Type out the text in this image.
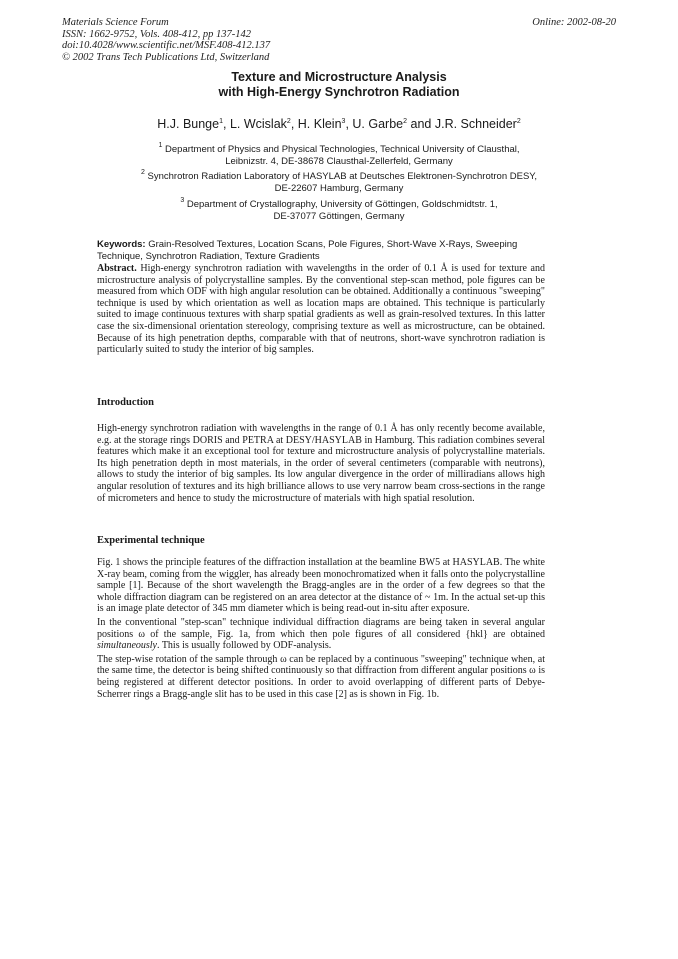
Materials Science Forum
ISSN: 1662-9752, Vols. 408-412, pp 137-142
doi:10.4028/www.scientific.net/MSF.408-412.137
© 2002 Trans Tech Publications Ltd, Switzerland
Online: 2002-08-20
Texture and Microstructure Analysis
with High-Energy Synchrotron Radiation
H.J. Bunge$^1$, L. Wcislak$^2$, H. Klein$^3$, U. Garbe$^2$ and J.R. Schneider$^2$
$^1$ Department of Physics and Physical Technologies, Technical University of Clausthal,
Leibnizstr. 4, DE-38678 Clausthal-Zellerfeld, Germany
$^2$ Synchrotron Radiation Laboratory of HASYLAB at Deutsches Elektronen-Synchrotron DESY,
DE-22607 Hamburg, Germany
$^3$ Department of Crystallography, University of Göttingen, Goldschmidtstr. 1,
DE-37077 Göttingen, Germany
Keywords: Grain-Resolved Textures, Location Scans, Pole Figures, Short-Wave X-Rays, Sweeping Technique, Synchrotron Radiation, Texture Gradients
Abstract. High-energy synchrotron radiation with wavelengths in the order of 0.1 Å is used for texture and microstructure analysis of polycrystalline samples. By the conventional step-scan method, pole figures can be measured from which ODF with high angular resolution can be obtained. Additionally a continuous "sweeping" technique is used by which orientation as well as location maps are obtained. This technique is particularly suited to image continuous textures with sharp spatial gradients as well as grain-resolved textures. In this latter case the six-dimensional orientation stereology, comprising texture as well as microstructure, can be obtained. Because of its high penetration depths, comparable with that of neutrons, short-wave synchrotron radiation is particularly suited to study the interior of big samples.
Introduction
High-energy synchrotron radiation with wavelengths in the range of 0.1 Å has only recently become available, e.g. at the storage rings DORIS and PETRA at DESY/HASYLAB in Hamburg. This radiation combines several features which make it an exceptional tool for texture and microstructure analysis of polycrystalline materials. Its high penetration depth in most materials, in the order of several centimeters (comparable with neutrons), allows to study the interior of big samples. Its low angular divergence in the order of milliradians allows high angular resolution of textures and its high brilliance allows to use very narrow beam cross-sections in the range of micrometers and hence to study the microstructure of materials with high spatial resolution.
Experimental technique
Fig. 1 shows the principle features of the diffraction installation at the beamline BW5 at HASYLAB. The white X-ray beam, coming from the wiggler, has already been monochromatized when it falls onto the polycrystalline sample [1]. Because of the short wavelength the Bragg-angles are in the order of a few degrees so that the whole diffraction diagram can be registered on an area detector at the distance of ~ 1m. In the actual set-up this is an image plate detector of 345 mm diameter which is being read-out in-situ after exposure.
In the conventional "step-scan" technique individual diffraction diagrams are being taken in several angular positions ω of the sample, Fig. 1a, from which then pole figures of all considered {hkl} are obtained simultaneously. This is usually followed by ODF-analysis.
The step-wise rotation of the sample through ω can be replaced by a continuous "sweeping" technique when, at the same time, the detector is being shifted continuously so that diffraction from different angular positions ω is being registered at different detector positions. In order to avoid overlapping of different parts of Debye-Scherrer rings a Bragg-angle slit has to be used in this case [2] as is shown in Fig. 1b.
